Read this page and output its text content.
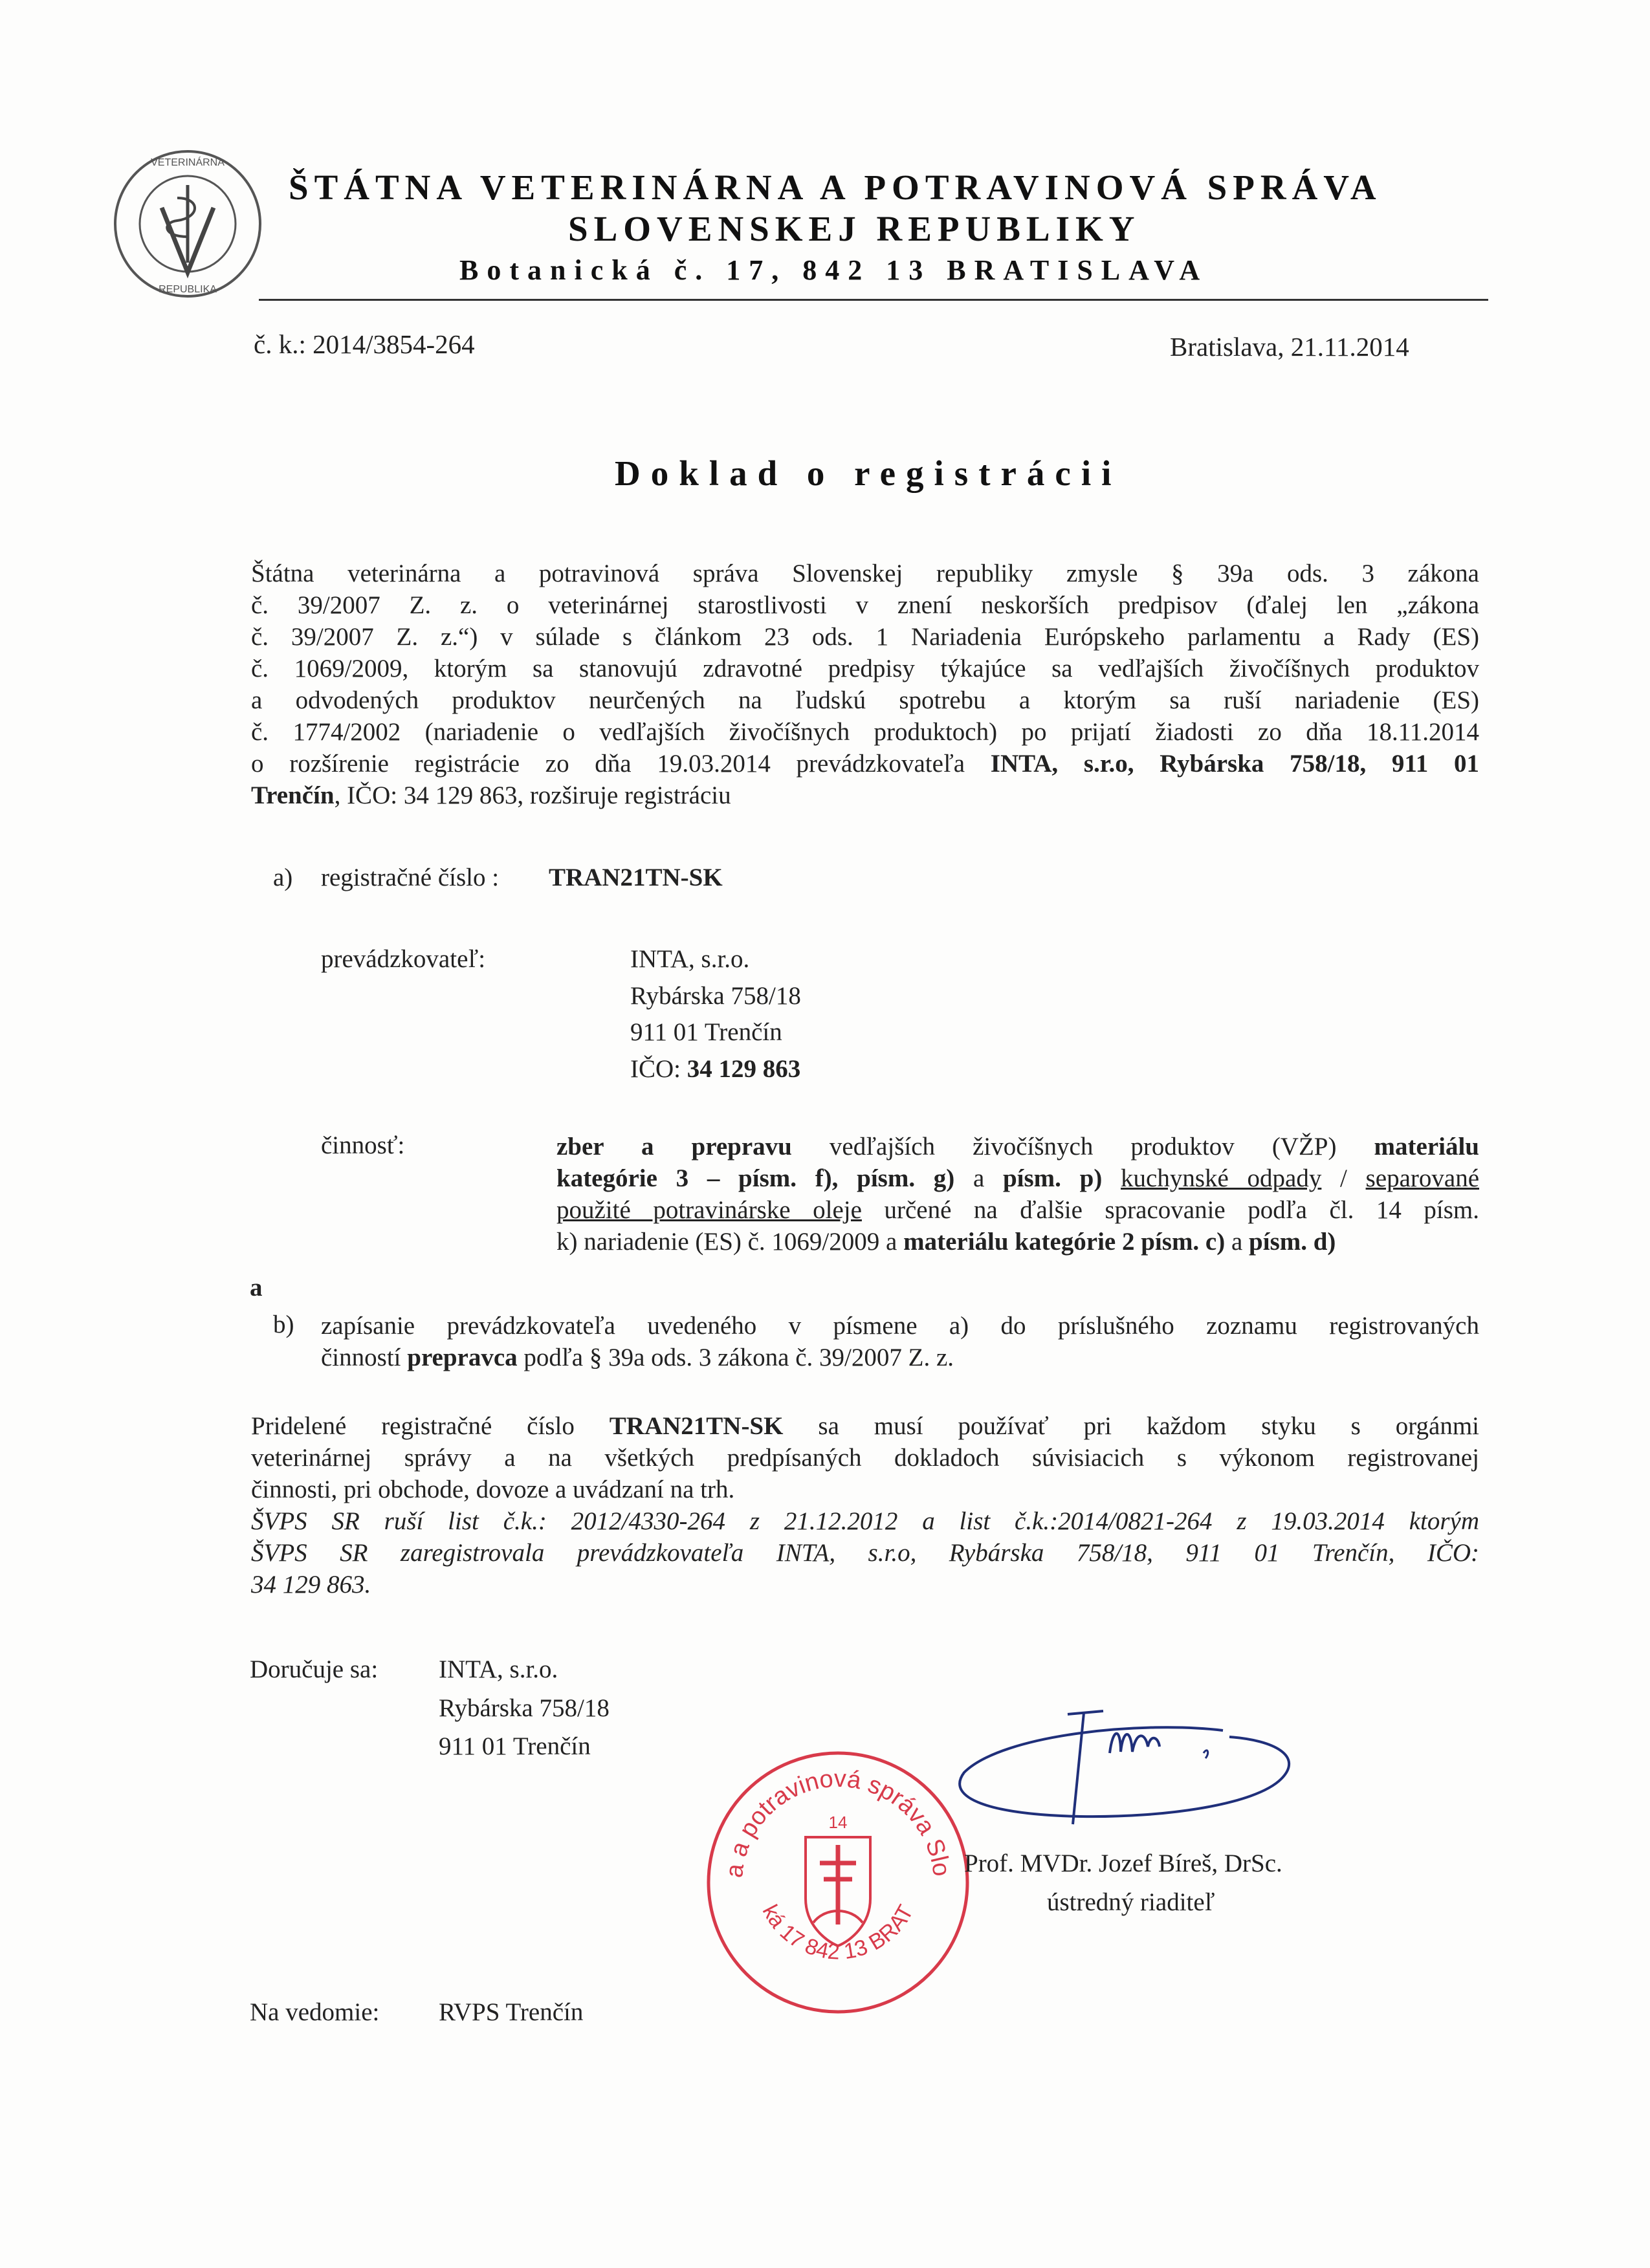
VETERINÁRNA
REPUBLIKA
ŠTÁTNA VETERINÁRNA A POTRAVINOVÁ SPRÁVA
SLOVENSKEJ REPUBLIKY
Botanická č. 17, 842 13 BRATISLAVA
č. k.: 2014/3854-264	Bratislava, 21.11.2014
Doklad o registrácii
Štátna veterinárna a potravinová správa Slovenskej republiky zmysle § 39a ods. 3 zákona
č. 39/2007 Z. z. o veterinárnej starostlivosti v znení neskorších predpisov (ďalej len „zákona
č. 39/2007 Z. z.“) v súlade s článkom 23 ods. 1 Nariadenia Európskeho parlamentu a Rady (ES)
č. 1069/2009, ktorým sa stanovujú zdravotné predpisy týkajúce sa vedľajších živočíšnych produktov
a odvodených produktov neurčených na ľudskú spotrebu a ktorým sa ruší nariadenie (ES)
č. 1774/2002 (nariadenie o vedľajších živočíšnych produktoch) po prijatí žiadosti zo dňa 18.11.2014
o rozšírenie registrácie zo dňa 19.03.2014 prevádzkovateľa INTA, s.r.o, Rybárska 758/18, 911 01
Trenčín, IČO: 34 129 863, rozširuje registráciu
a) registračné číslo : TRAN21TN-SK
prevádzkovateľ:	INTA, s.r.o.
Rybárska 758/18
911 01 Trenčín
IČO: 34 129 863
činnosť:	zber a prepravu vedľajších živočíšnych produktov (VŽP) materiálu
kategórie 3 – písm. f), písm. g) a písm. p) kuchynské odpady / separované
použité potravinárske oleje určené na ďalšie spracovanie podľa čl. 14 písm.
k) nariadenie (ES) č. 1069/2009 a materiálu kategórie 2 písm. c) a písm. d)
a
b) zapísanie prevádzkovateľa uvedeného v písmene a) do príslušného zoznamu registrovaných
činností prepravca podľa § 39a ods. 3 zákona č. 39/2007 Z. z.
Pridelené registračné číslo TRAN21TN-SK sa musí používať pri každom styku s orgánmi
veterinárnej správy a na všetkých predpísaných dokladoch súvisiacich s výkonom registrovanej
činnosti, pri obchode, dovoze a uvádzaní na trh.
ŠVPS SR ruší list č.k.: 2012/4330-264 z 21.12.2012 a list č.k.:2014/0821-264 z 19.03.2014 ktorým
ŠVPS SR zaregistrovala prevádzkovateľa INTA, s.r.o, Rybárska 758/18, 911 01 Trenčín, IČO:
34 129 863.
Doručuje sa: INTA, s.r.o.
Rybárska 758/18
911 01 Trenčín
a a potravinová správa Slo
14
ká 17 842 13 BRAT
Prof. MVDr. Jozef Bíreš, DrSc.
ústredný riaditeľ
Na vedomie: RVPS Trenčín
